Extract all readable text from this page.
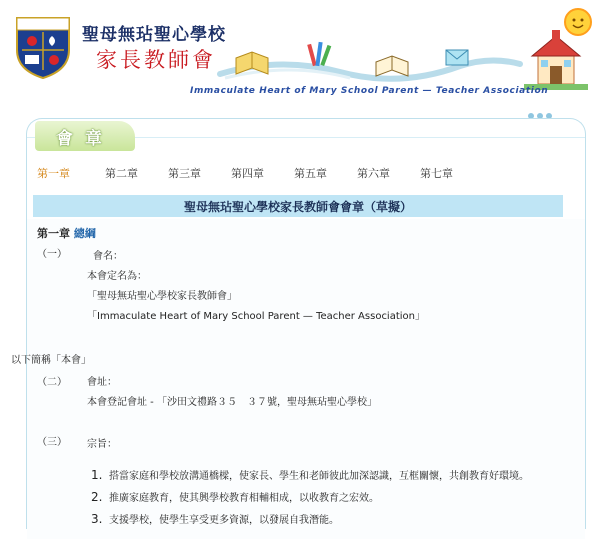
聖母無玷聖心學校
家長教師會
Immaculate Heart of Mary School Parent — Teacher Association
會章
第一章	第二章	第三章	第四章	第五章	第六章	第七章
聖母無玷聖心學校家長教師會會章（草擬）
第一章 總綱
（一）	會名：
本會定名為：
「聖母無玷聖心學校家長教師會」
「Immaculate Heart of Mary School Parent — Teacher Association」
以下簡稱「本會」
（二） 會址：
本會登記會址 - 「沙田文禮路３５　３７號，聖母無玷聖心學校」
（三） 宗旨：
1. 搭當家庭和學校放溝通橋樑，使家長、學生和老師彼此加深認識，互框關懷，共創教育好環境。
2. 推廣家庭教育，使其興學校教育相輔相成，以收教育之宏效。
3. 支援學校，使學生享受更多資源，以發展自我潛能。
